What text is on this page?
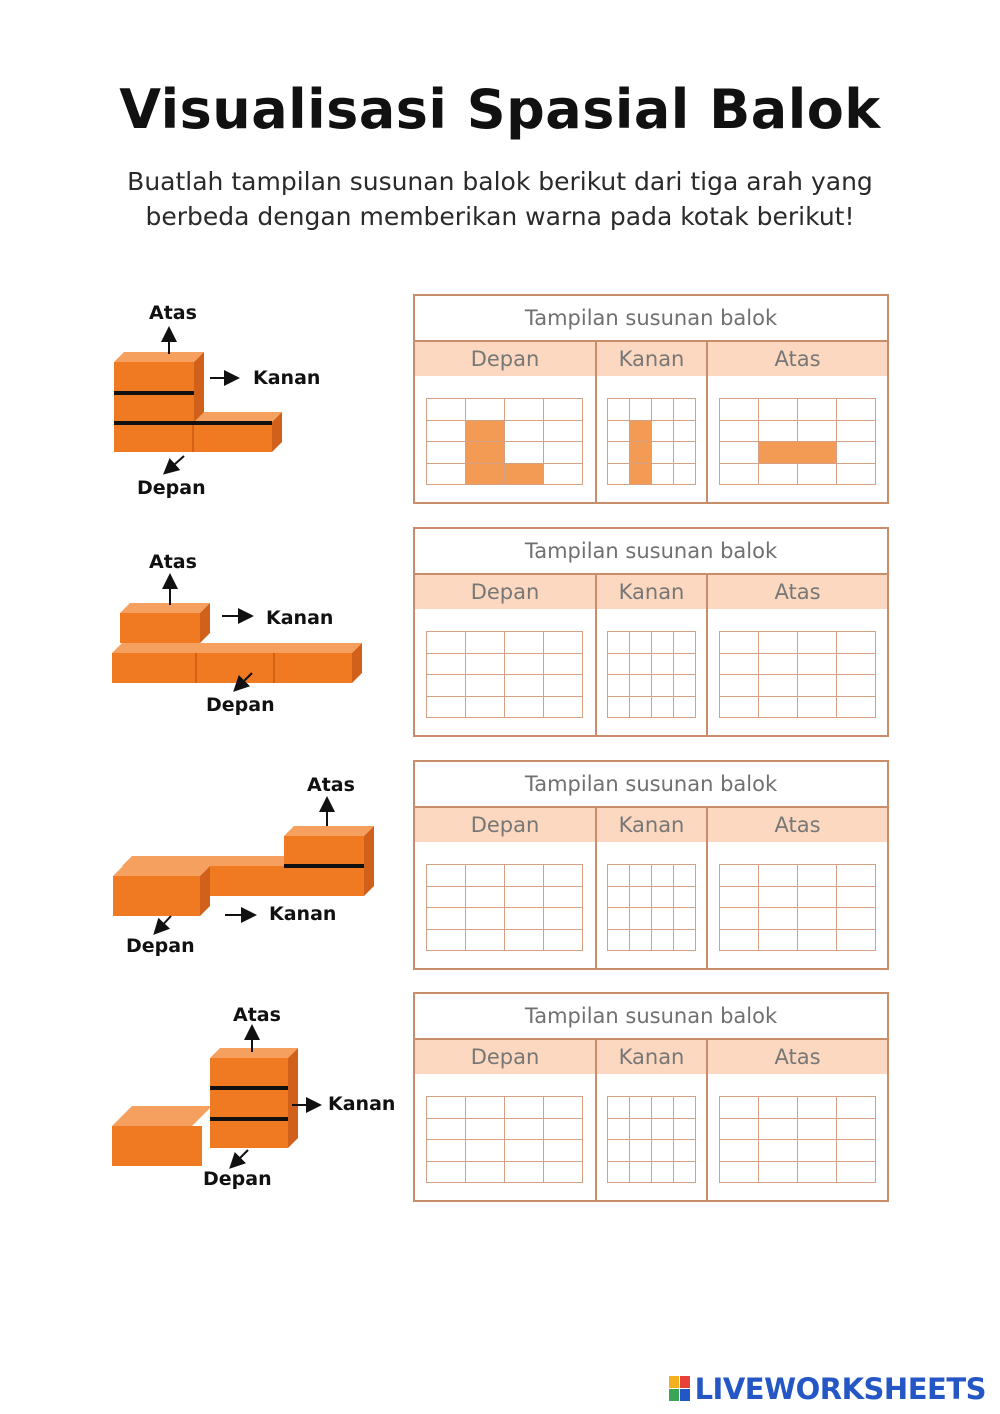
Visualisasi Spasial Balok
Buatlah tampilan susunan balok berikut dari tiga arah yang
berbeda dengan memberikan warna pada kotak berikut!
Atas
Kanan
Depan
Tampilan susunan balok
Depan	Kanan	Atas
Atas
Kanan
Depan
Tampilan susunan balok
Depan	Kanan	Atas
Atas
Kanan
Depan
Tampilan susunan balok
Depan	Kanan	Atas
Atas
Kanan
Depan
Tampilan susunan balok
Depan	Kanan	Atas
LIVEWORKSHEETS
